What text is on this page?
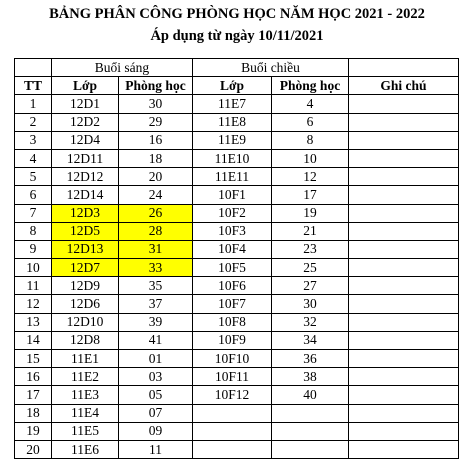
BẢNG PHÂN CÔNG PHÒNG HỌC NĂM HỌC 2021 - 2022
Áp dụng từ ngày 10/11/2021
	Buổi sáng		Buổi chiều		
TT	Lớp	Phòng học	Lớp	Phòng học	Ghi chú
1	12D1	30	11E7	4	
2	12D2	29	11E8	6	
3	12D4	16	11E9	8	
4	12D11	18	11E10	10	
5	12D12	20	11E11	12	
6	12D14	24	10F1	17	
7	12D3	26	10F2	19	
8	12D5	28	10F3	21	
9	12D13	31	10F4	23	
10	12D7	33	10F5	25	
11	12D9	35	10F6	27	
12	12D6	37	10F7	30	
13	12D10	39	10F8	32	
14	12D8	41	10F9	34	
15	11E1	01	10F10	36	
16	11E2	03	10F11	38	
17	11E3	05	10F12	40	
18	11E4	07			
19	11E5	09			
20	11E6	11			
